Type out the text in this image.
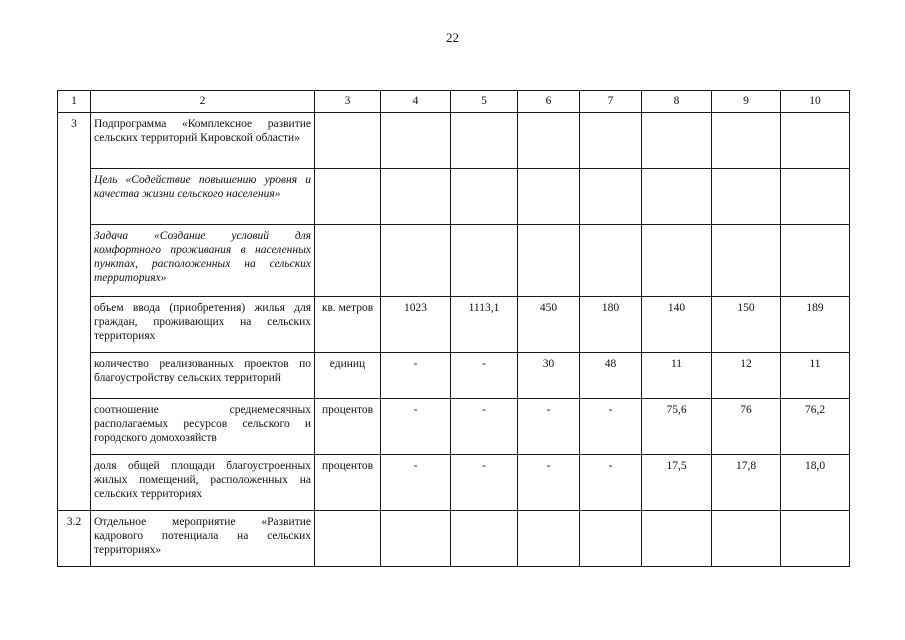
22
1	2	3	4	5	6	7	8	9	10
3	Подпрограмма «Комплексное развитие сельских территорий Кировской области»								
	Цель «Содействие повышению уровня и качества жизни сельского населения»								
	Задача «Создание условий для комфортного проживания в населенных пунктах, расположенных на сельских территориях»								
	объем ввода (приобретения) жилья для граждан, проживающих на сельских территориях	кв. метров	1023	1113,1	450	180	140	150	189
	количество реализованных проектов по благоустройству сельских территорий	единиц	-	-	30	48	11	12	11
	соотношение среднемесячных располагаемых ресурсов сельского и городского домохозяйств	процентов	-	-	-	-	75,6	76	76,2
	доля общей площади благоустроенных жилых помещений, расположенных на сельских территориях	процентов	-	-	-	-	17,5	17,8	18,0
3.2	Отдельное мероприятие «Развитие кадрового потенциала на сельских территориях»								
